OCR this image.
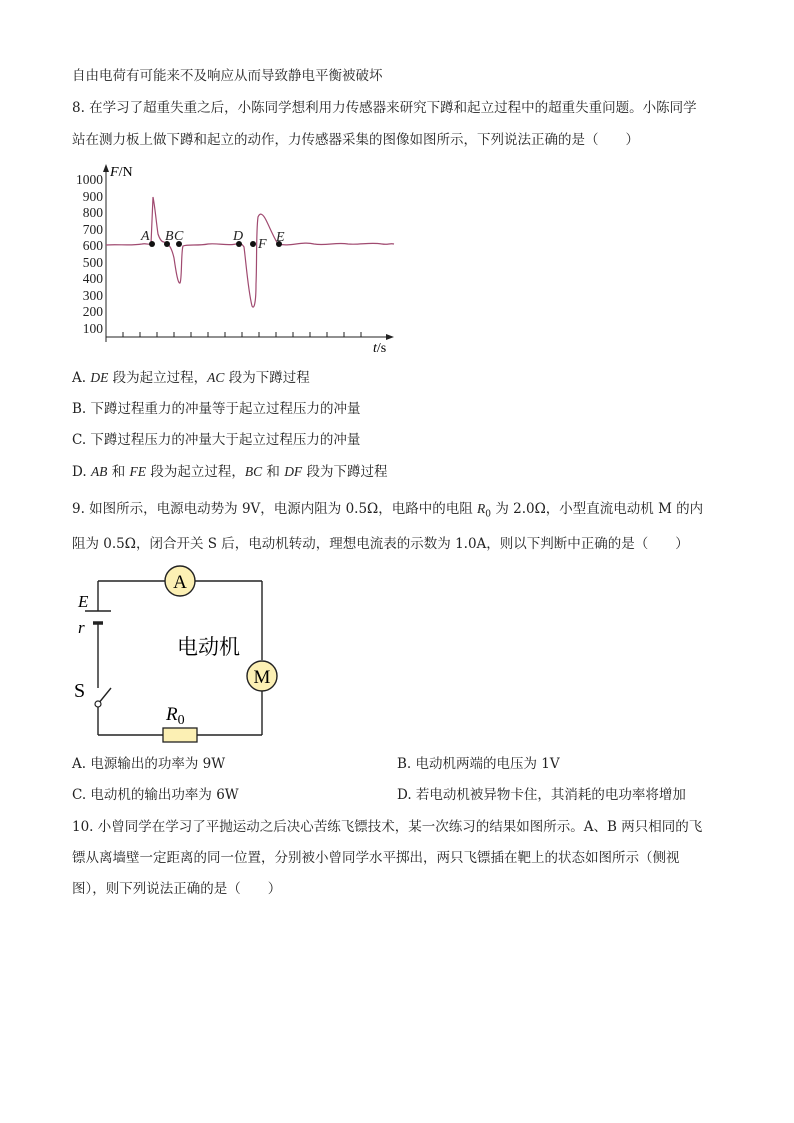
自由电荷有可能来不及响应从而导致静电平衡被破坏
8. 在学习了超重失重之后，小陈同学想利用力传感器来研究下蹲和起立过程中的超重失重问题。小陈同学
站在测力板上做下蹲和起立的动作，力传感器采集的图像如图所示，下列说法正确的是（　　）
F/N
t/s
1000
900
800
700
600
500
400
300
200
100
A B C	D
F E
A. DE 段为起立过程，AC 段为下蹲过程
B. 下蹲过程重力的冲量等于起立过程压力的冲量
C. 下蹲过程压力的冲量大于起立过程压力的冲量
D. AB 和 FE 段为起立过程，BC 和 DF 段为下蹲过程
9. 如图所示，电源电动势为 9V，电源内阻为 0.5Ω，电路中的电阻 $R_0$ 为 2.0Ω，小型直流电动机 M 的内
阻为 0.5Ω，闭合开关 S 后，电动机转动，理想电流表的示数为 1.0A，则以下判断中正确的是（　　）
E
r
S
A
M
电动机
$R_0$
A. 电源输出的功率为 9W	B. 电动机两端的电压为 1V
C. 电动机的输出功率为 6W	D. 若电动机被异物卡住，其消耗的电功率将增加
10. 小曾同学在学习了平抛运动之后决心苦练飞镖技术，某一次练习的结果如图所示。A、B 两只相同的飞
镖从离墙壁一定距离的同一位置，分别被小曾同学水平掷出，两只飞镖插在靶上的状态如图所示（侧视
图），则下列说法正确的是（　　）
